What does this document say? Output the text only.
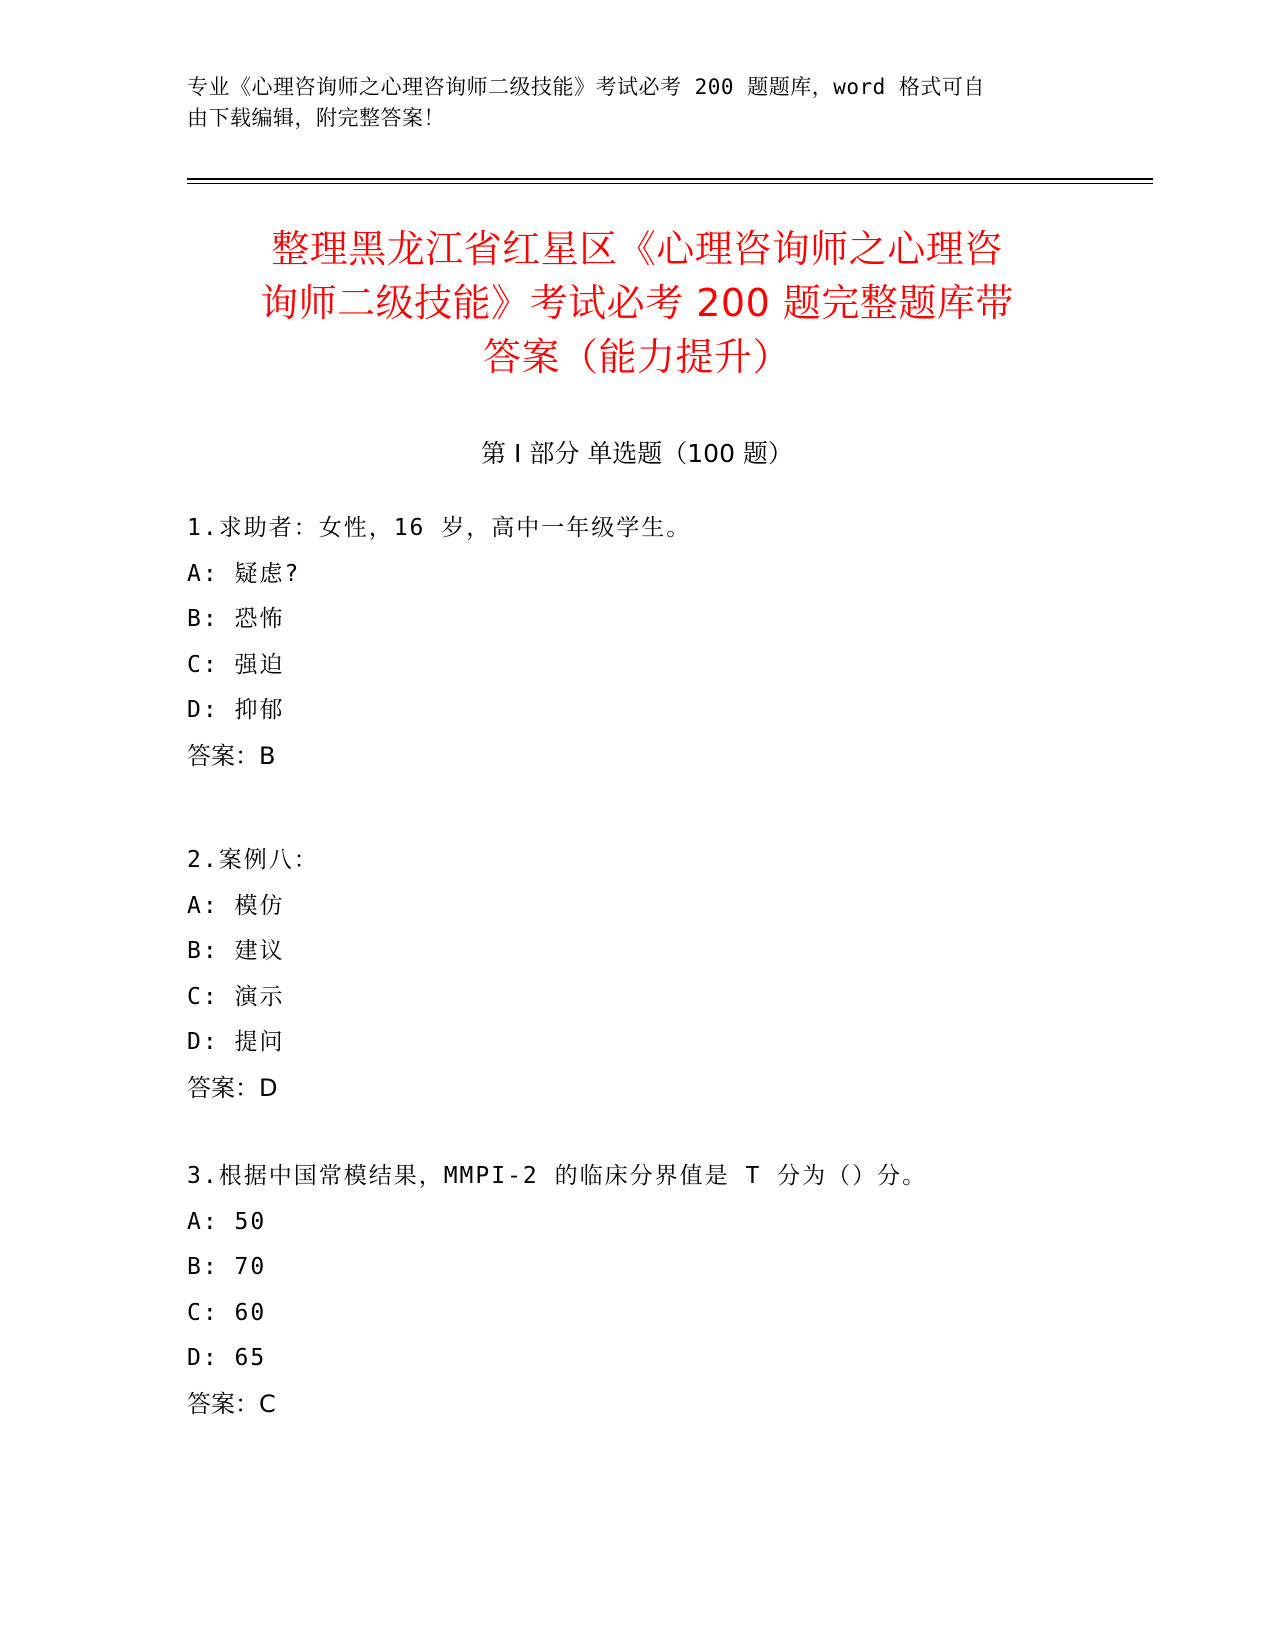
专业《心理咨询师之心理咨询师二级技能》考试必考 200 题题库，word 格式可自
由下载编辑，附完整答案！
整理黑龙江省红星区《心理咨询师之心理咨
询师二级技能》考试必考 200 题完整题库带
答案（能力提升）
第 I 部分 单选题（100 题）
1.求助者：女性，16 岁，高中一年级学生。
A: 疑虑?
B: 恐怖
C: 强迫
D: 抑郁
答案：B
2.案例八：
A: 模仿
B: 建议
C: 演示
D: 提问
答案：D
3.根据中国常模结果，MMPI-2 的临床分界值是 T 分为（）分。
A: 50
B: 70
C: 60
D: 65
答案：C
